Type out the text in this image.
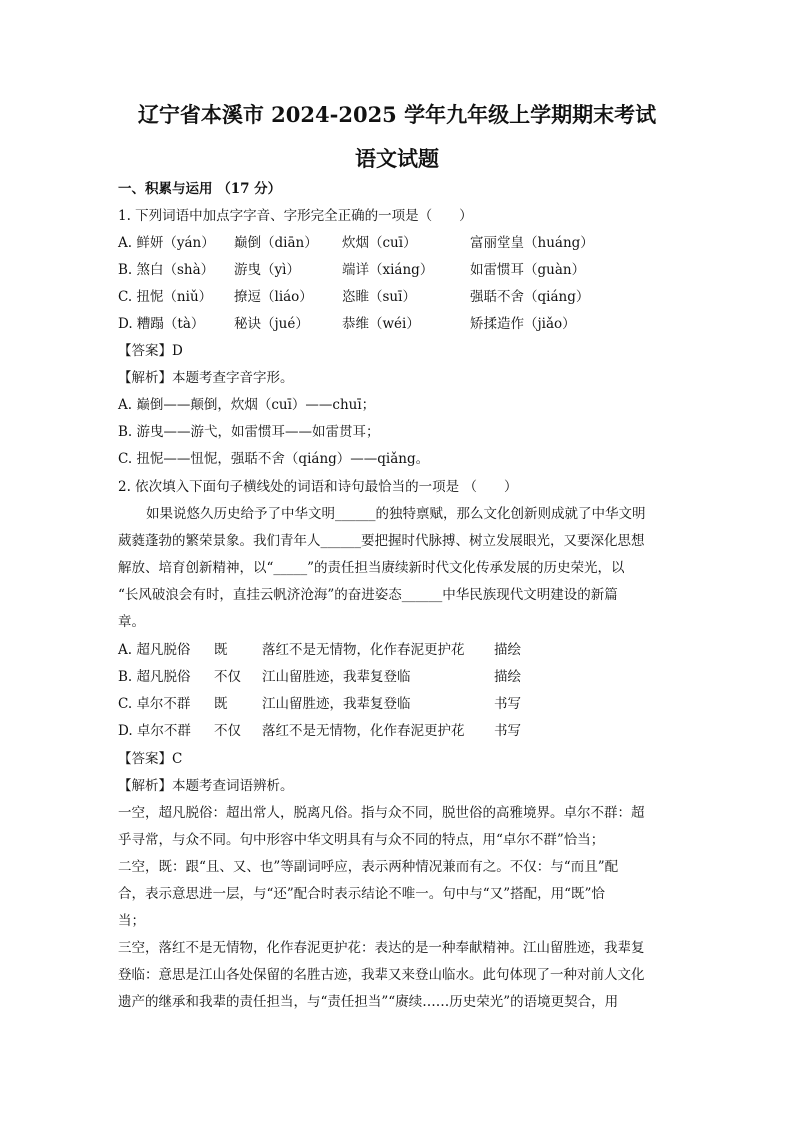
辽宁省本溪市 2024-2025 学年九年级上学期期末考试
语文试题
一、积累与运用 （17 分）
1. 下列词语中加点字字音、字形完全正确的一项是（　　）
A. 鲜妍（yán） 巅倒（diān） 炊烟（cuī）	富丽堂皇（huáng）
B. 煞白（shà） 游曳（yì）	端详（xiáng）	如雷惯耳（guàn）
C. 扭怩（niǔ） 撩逗（liáo） 恣睢（suī）	强聒不舍（qiáng）
D. 糟蹋（tà） 秘诀（jué） 恭维（wéi）	矫揉造作（jiǎo）
【答案】D
【解析】本题考查字音字形。
A. 巅倒——颠倒，炊烟（cuī）——chuī；
B. 游曳——游弋，如雷惯耳——如雷贯耳；
C. 扭怩——忸怩，强聒不舍（qiáng）——qiǎng。
2. 依次填入下面句子横线处的词语和诗句最恰当的一项是 （　　）
如果说悠久历史给予了中华文明______的独特禀赋，那么文化创新则成就了中华文明
葳蕤蓬勃的繁荣景象。我们青年人______要把握时代脉搏、树立发展眼光，又要深化思想
解放、培育创新精神，以“_____”的责任担当赓续新时代文化传承发展的历史荣光，以
“长风破浪会有时，直挂云帆济沧海”的奋进姿态______中华民族现代文明建设的新篇
章。
A. 超凡脱俗 既	落红不是无情物，化作春泥更护花 描绘
B. 超凡脱俗 不仅 江山留胜迹，我辈复登临	描绘
C. 卓尔不群 既	江山留胜迹，我辈复登临	书写
D. 卓尔不群 不仅 落红不是无情物，化作春泥更护花 书写
【答案】C
【解析】本题考查词语辨析。
一空，超凡脱俗：超出常人，脱离凡俗。指与众不同，脱世俗的高雅境界。卓尔不群：超
乎寻常，与众不同。句中形容中华文明具有与众不同的特点，用“卓尔不群”恰当；
二空，既：跟“且、又、也”等副词呼应，表示两种情况兼而有之。不仅：与“而且”配
合，表示意思进一层，与“还”配合时表示结论不唯一。句中与“又”搭配，用“既”恰
当；
三空，落红不是无情物，化作春泥更护花：表达的是一种奉献精神。江山留胜迹，我辈复
登临：意思是江山各处保留的名胜古迹，我辈又来登山临水。此句体现了一种对前人文化
遗产的继承和我辈的责任担当，与“责任担当”“赓续……历史荣光”的语境更契合，用
